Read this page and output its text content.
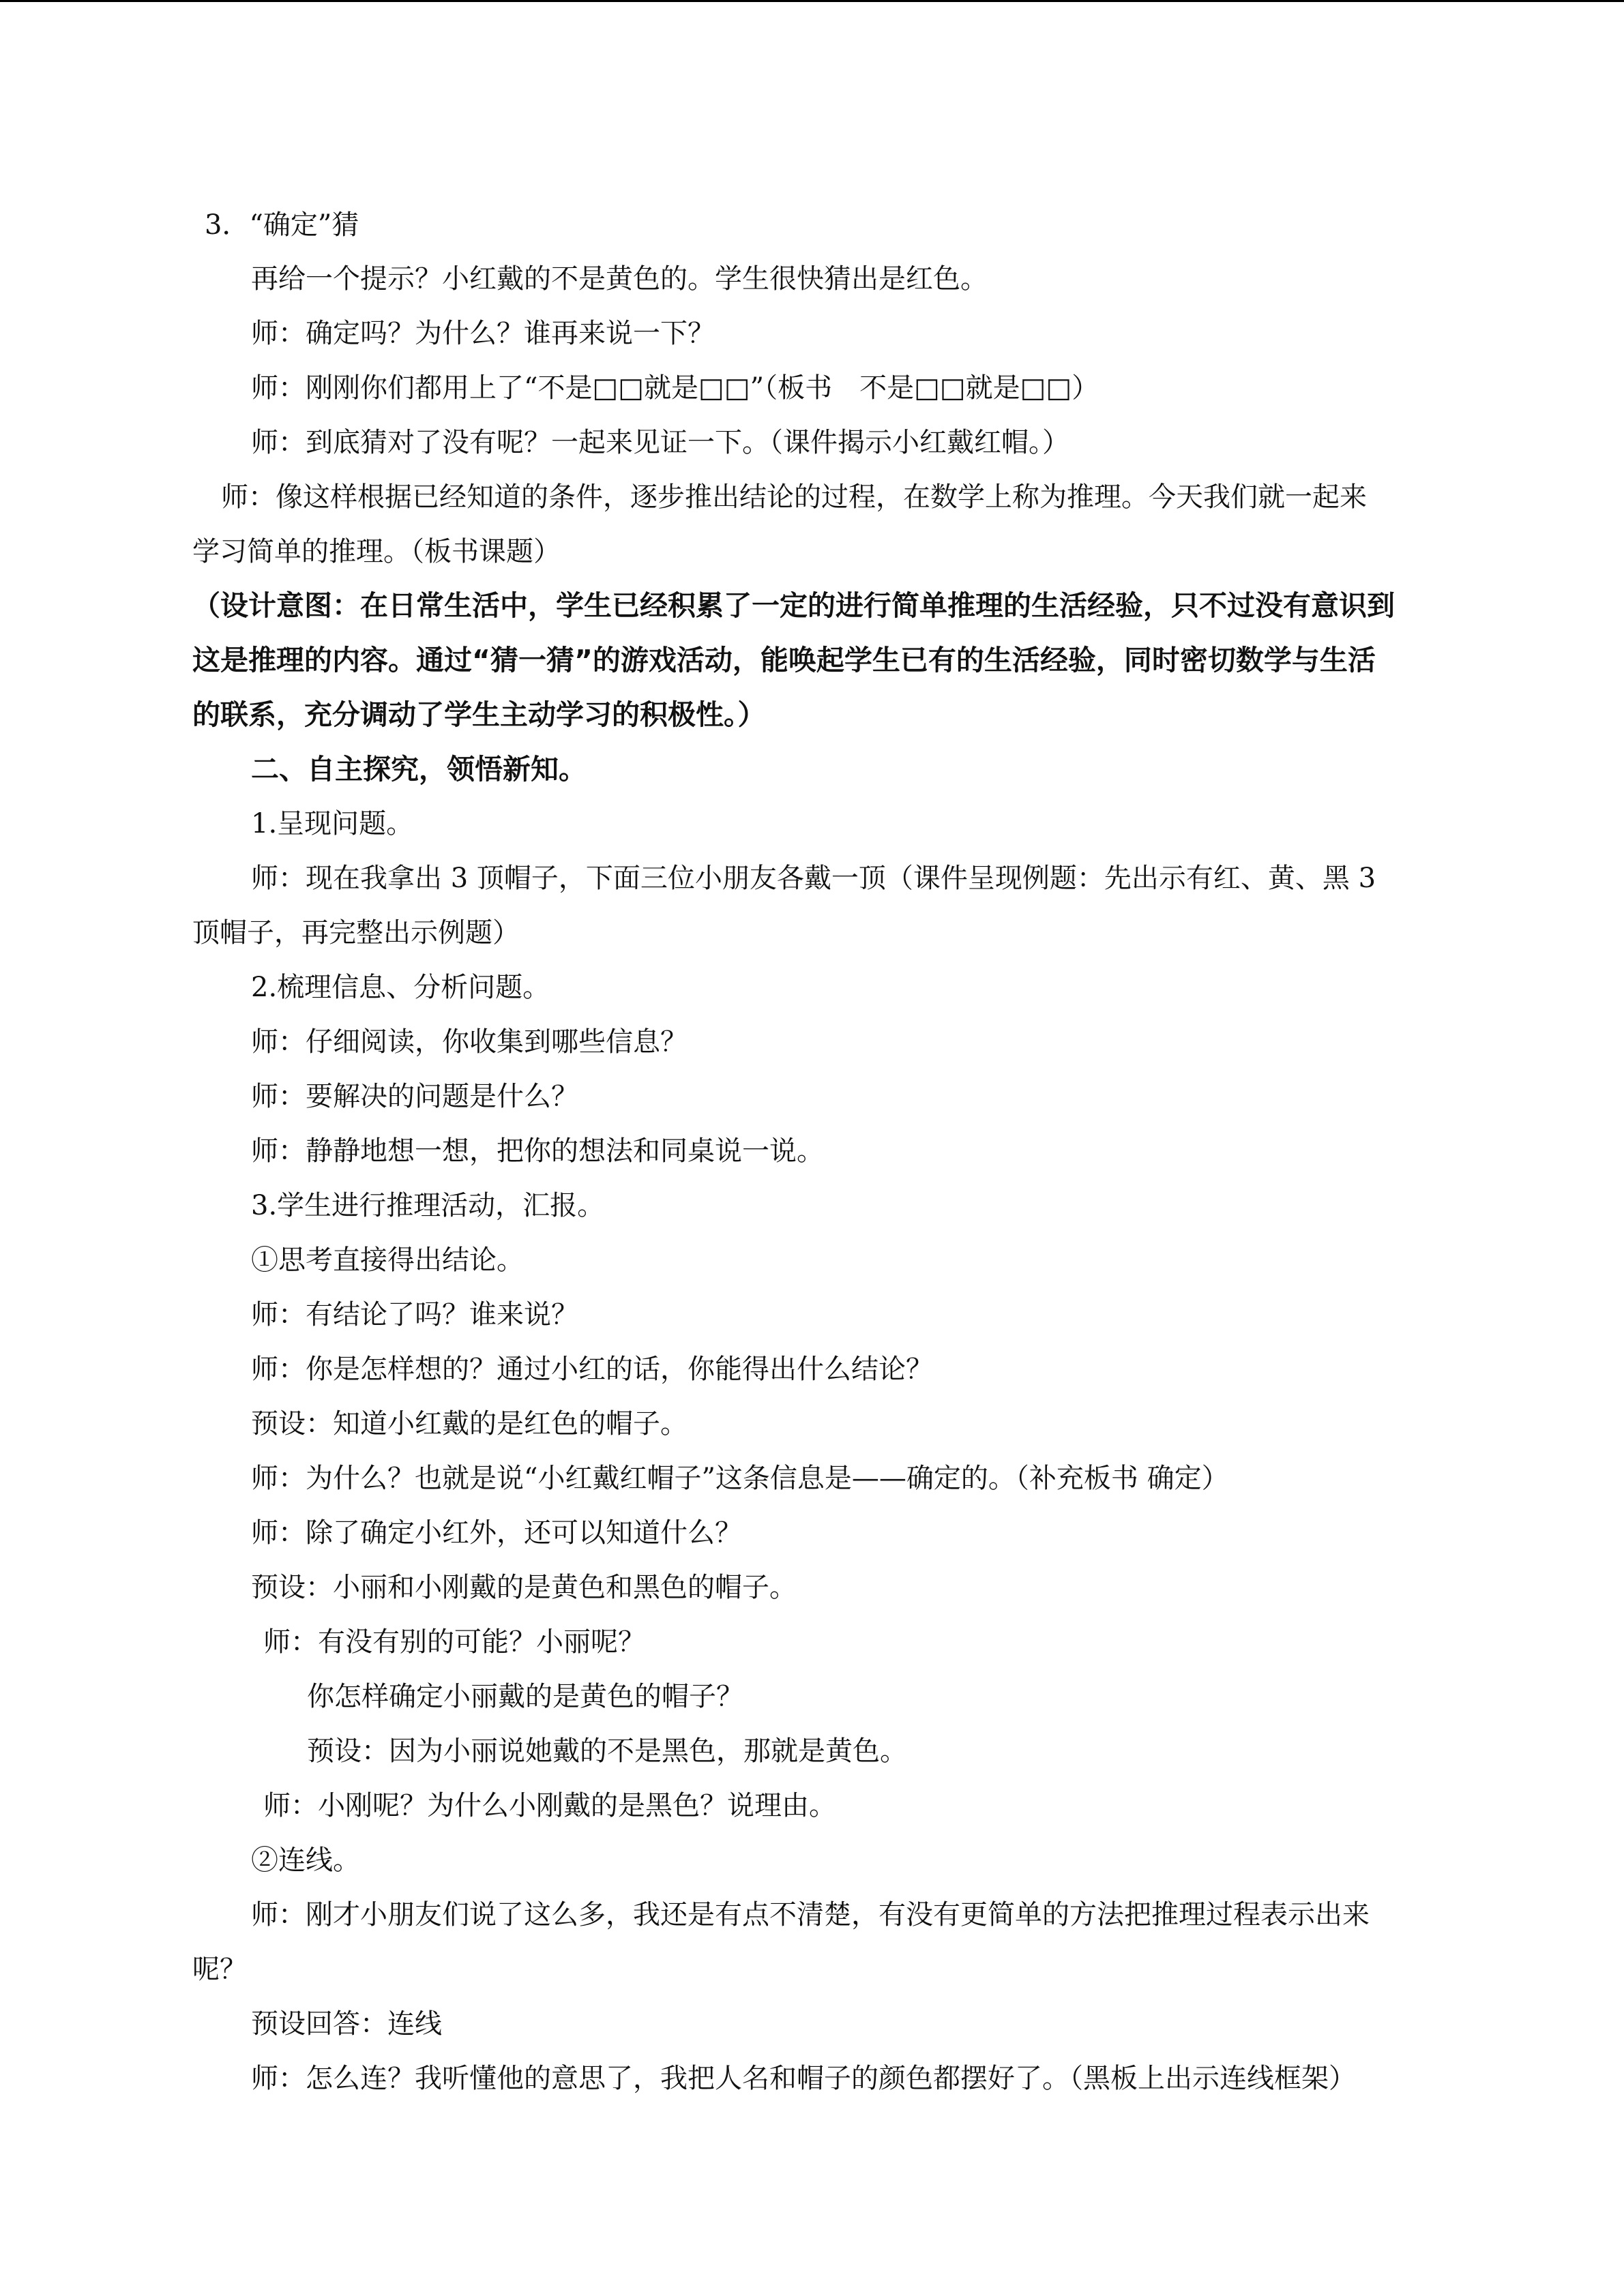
3．“确定”猜
再给一个提示？小红戴的不是黄色的。学生很快猜出是红色。
师：确定吗？为什么？谁再来说一下？
师：刚刚你们都用上了“不是□□就是□□”（板书　不是□□就是□□）
师：到底猜对了没有呢？一起来见证一下。（课件揭示小红戴红帽。）
师：像这样根据已经知道的条件，逐步推出结论的过程，在数学上称为推理。今天我们就一起来
学习简单的推理。（板书课题）
（设计意图：在日常生活中，学生已经积累了一定的进行简单推理的生活经验，只不过没有意识到
这是推理的内容。通过“猜一猜”的游戏活动，能唤起学生已有的生活经验，同时密切数学与生活
的联系，充分调动了学生主动学习的积极性。）
二、自主探究，领悟新知。
1.呈现问题。
师：现在我拿出 3 顶帽子，下面三位小朋友各戴一顶（课件呈现例题：先出示有红、黄、黑 3
顶帽子，再完整出示例题）
2.梳理信息、分析问题。
师：仔细阅读，你收集到哪些信息？
师：要解决的问题是什么？
师：静静地想一想，把你的想法和同桌说一说。
3.学生进行推理活动，汇报。
①思考直接得出结论。
师：有结论了吗？谁来说？
师：你是怎样想的？通过小红的话，你能得出什么结论？
预设：知道小红戴的是红色的帽子。
师：为什么？也就是说“小红戴红帽子”这条信息是——确定的。（补充板书 确定）
师：除了确定小红外，还可以知道什么？
预设：小丽和小刚戴的是黄色和黑色的帽子。
师：有没有别的可能？小丽呢？
你怎样确定小丽戴的是黄色的帽子？
预设：因为小丽说她戴的不是黑色，那就是黄色。
师：小刚呢？为什么小刚戴的是黑色？说理由。
②连线。
师：刚才小朋友们说了这么多，我还是有点不清楚，有没有更简单的方法把推理过程表示出来
呢？
预设回答：连线
师：怎么连？我听懂他的意思了，我把人名和帽子的颜色都摆好了。（黑板上出示连线框架）
